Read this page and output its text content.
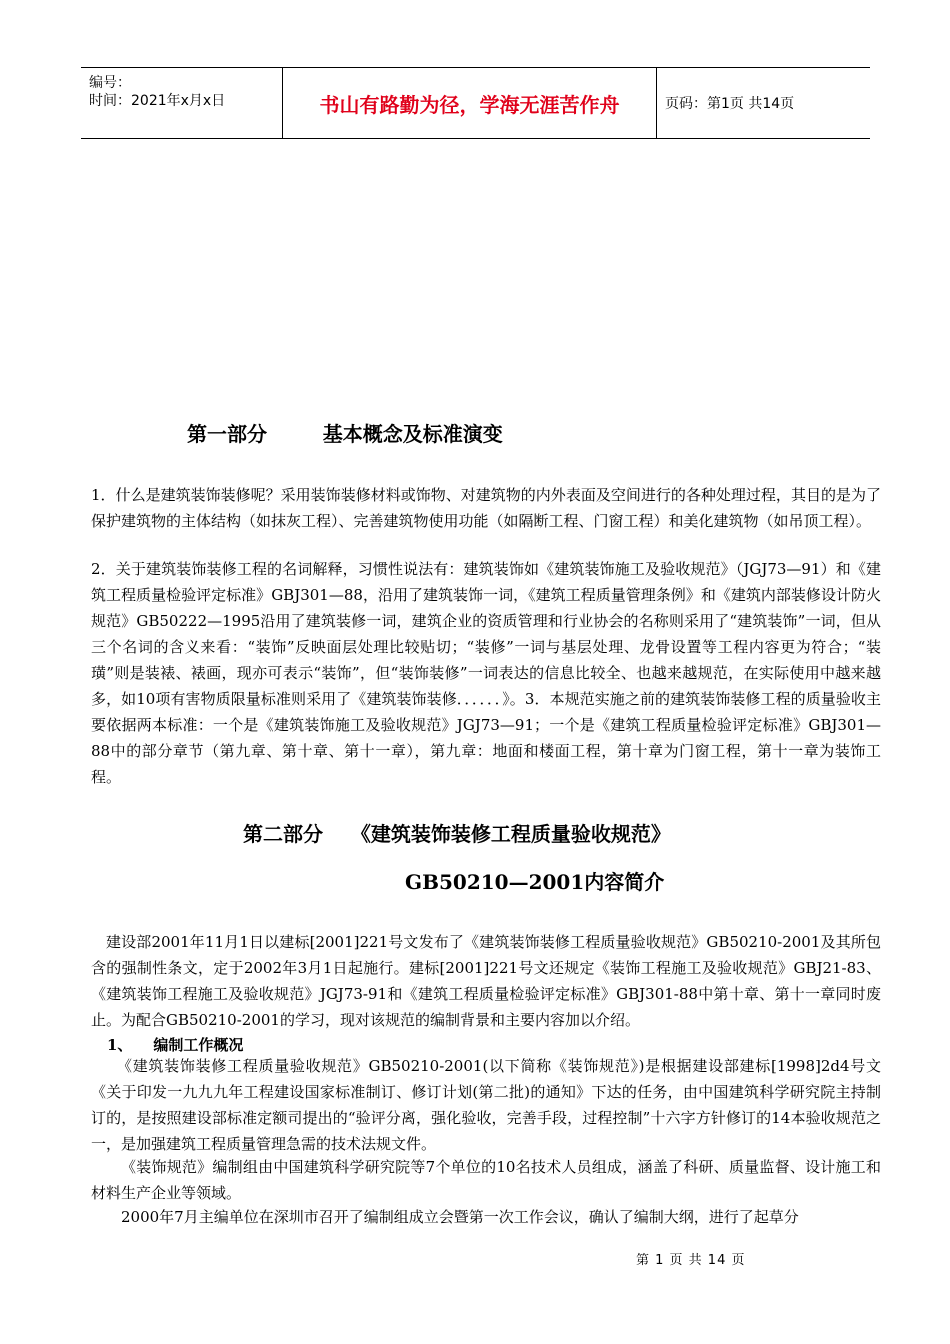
编号：
时间：2021年x月x日	书山有路勤为径，学海无涯苦作舟	页码：第1页 共14页
第一部分        基本概念及标准演变
1．什么是建筑装饰装修呢？采用装饰装修材料或饰物、对建筑物的内外表面及空间进行的各种处理过程，其目的是为了保护建筑物的主体结构（如抹灰工程）、完善建筑物使用功能（如隔断工程、门窗工程）和美化建筑物（如吊顶工程）。
2．关于建筑装饰装修工程的名词解释，习惯性说法有：建筑装饰如《建筑装饰施工及验收规范》（JGJ73—91）和《建筑工程质量检验评定标准》GBJ301—88，沿用了建筑装饰一词，《建筑工程质量管理条例》和《建筑内部装修设计防火规范》GB50222—1995沿用了建筑装修一词，建筑企业的资质管理和行业协会的名称则采用了“建筑装饰”一词，但从三个名词的含义来看：“装饰”反映面层处理比较贴切；“装修”一词与基层处理、龙骨设置等工程内容更为符合；“装璜”则是装裱、裱画，现亦可表示“装饰”，但“装饰装修”一词表达的信息比较全、也越来越规范，在实际使用中越来越多，如10项有害物质限量标准则采用了《建筑装饰装修．．．．．．》。3．本规范实施之前的建筑装饰装修工程的质量验收主要依据两本标准：一个是《建筑装饰施工及验收规范》JGJ73—91；一个是《建筑工程质量检验评定标准》GBJ301—88中的部分章节（第九章、第十章、第十一章），第九章：地面和楼面工程，第十章为门窗工程，第十一章为装饰工程。
第二部分    《建筑装饰装修工程质量验收规范》
GB50210—2001内容简介
建设部2001年11月1日以建标[2001]221号文发布了《建筑装饰装修工程质量验收规范》GB50210-2001及其所包含的强制性条文，定于2002年3月1日起施行。建标[2001]221号文还规定《装饰工程施工及验收规范》GBJ21-83、《建筑装饰工程施工及验收规范》JGJ73-91和《建筑工程质量检验评定标准》GBJ301-88中第十章、第十一章同时废止。为配合GB50210-2001的学习，现对该规范的编制背景和主要内容加以介绍。
1、    编制工作概况
《建筑装饰装修工程质量验收规范》GB50210-2001(以下简称《装饰规范》)是根据建设部建标[1998]2d4号文《关于印发一九九九年工程建设国家标准制订、修订计划(第二批)的通知》下达的任务，由中国建筑科学研究院主持制订的，是按照建设部标准定额司提出的“验评分离，强化验收，完善手段，过程控制”十六字方针修订的14本验收规范之一，是加强建筑工程质量管理急需的技术法规文件。
《装饰规范》编制组由中国建筑科学研究院等7个单位的10名技术人员组成，涵盖了科研、质量监督、设计施工和材料生产企业等领域。
2000年7月主编单位在深圳市召开了编制组成立会暨第一次工作会议，确认了编制大纲，进行了起草分
第 1 页 共 14 页
